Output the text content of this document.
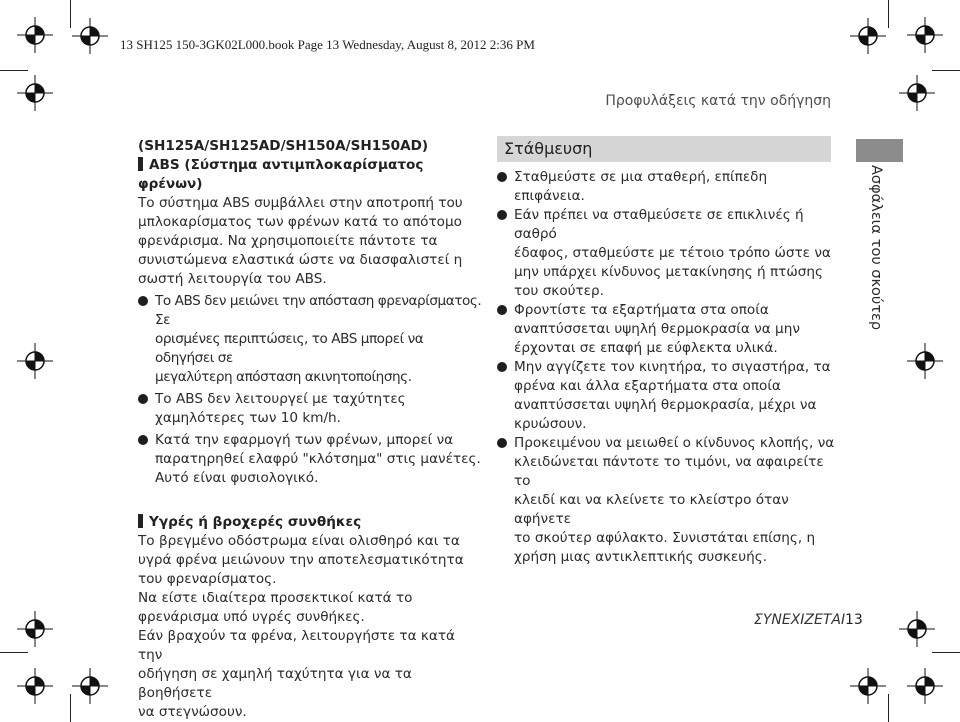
13 SH125 150-3GK02L000.book Page 13 Wednesday, August 8, 2012 2:36 PM
Προφυλάξεις κατά την οδήγηση

(SH125A/SH125AD/SH150A/SH150AD)

ABS (Σύστημα αντιμπλοκαρίσματος φρένων)

Το σύστημα ABS συμβάλλει στην αποτροπή του

μπλοκαρίσματος των φρένων κατά το απότομο

φρενάρισμα. Να χρησιμοποιείτε πάντοτε τα

συνιστώμενα ελαστικά ώστε να διασφαλιστεί η

σωστή λειτουργία του ABS.

Το ABS δεν μειώνει την απόσταση φρεναρίσματος. Σε

ορισμένες περιπτώσεις, το ABS μπορεί να οδηγήσει σε

μεγαλύτερη απόσταση ακινητοποίησης.

Το ABS δεν λειτουργεί με ταχύτητες

χαμηλότερες των 10 km/h.

Κατά την εφαρμογή των φρένων, μπορεί να

παρατηρηθεί ελαφρύ "κλότσημα" στις μανέτες.

Αυτό είναι φυσιολογικό.

Υγρές ή βροχερές συνθήκες

Το βρεγμένο οδόστρωμα είναι ολισθηρό και τα

υγρά φρένα μειώνουν την αποτελεσματικότητα

του φρεναρίσματος.

Να είστε ιδιαίτερα προσεκτικοί κατά το

φρενάρισμα υπό υγρές συνθήκες.

Εάν βραχούν τα φρένα, λειτουργήστε τα κατά την

οδήγηση σε χαμηλή ταχύτητα για να τα βοηθήσετε

να στεγνώσουν.

Στάθμευση

Σταθμεύστε σε μια σταθερή, επίπεδη επιφάνεια.

Εάν πρέπει να σταθμεύσετε σε επικλινές ή σαθρό

έδαφος, σταθμεύστε με τέτοιο τρόπο ώστε να

μην υπάρχει κίνδυνος μετακίνησης ή πτώσης

του σκούτερ.

Φροντίστε τα εξαρτήματα στα οποία

αναπτύσσεται υψηλή θερμοκρασία να μην

έρχονται σε επαφή με εύφλεκτα υλικά.

Μην αγγίζετε τον κινητήρα, το σιγαστήρα, τα

φρένα και άλλα εξαρτήματα στα οποία

αναπτύσσεται υψηλή θερμοκρασία, μέχρι να

κρυώσουν.

Προκειμένου να μειωθεί ο κίνδυνος κλοπής, να

κλειδώνεται πάντοτε το τιμόνι, να αφαιρείτε το

κλειδί και να κλείνετε το κλείστρο όταν αφήνετε

το σκούτερ αφύλακτο. Συνιστάται επίσης, η

χρήση μιας αντικλεπτικής συσκευής.

Ασφάλεια του σκούτερ
ΣΥΝΕΧΙΖΕΤΑΙ 13
